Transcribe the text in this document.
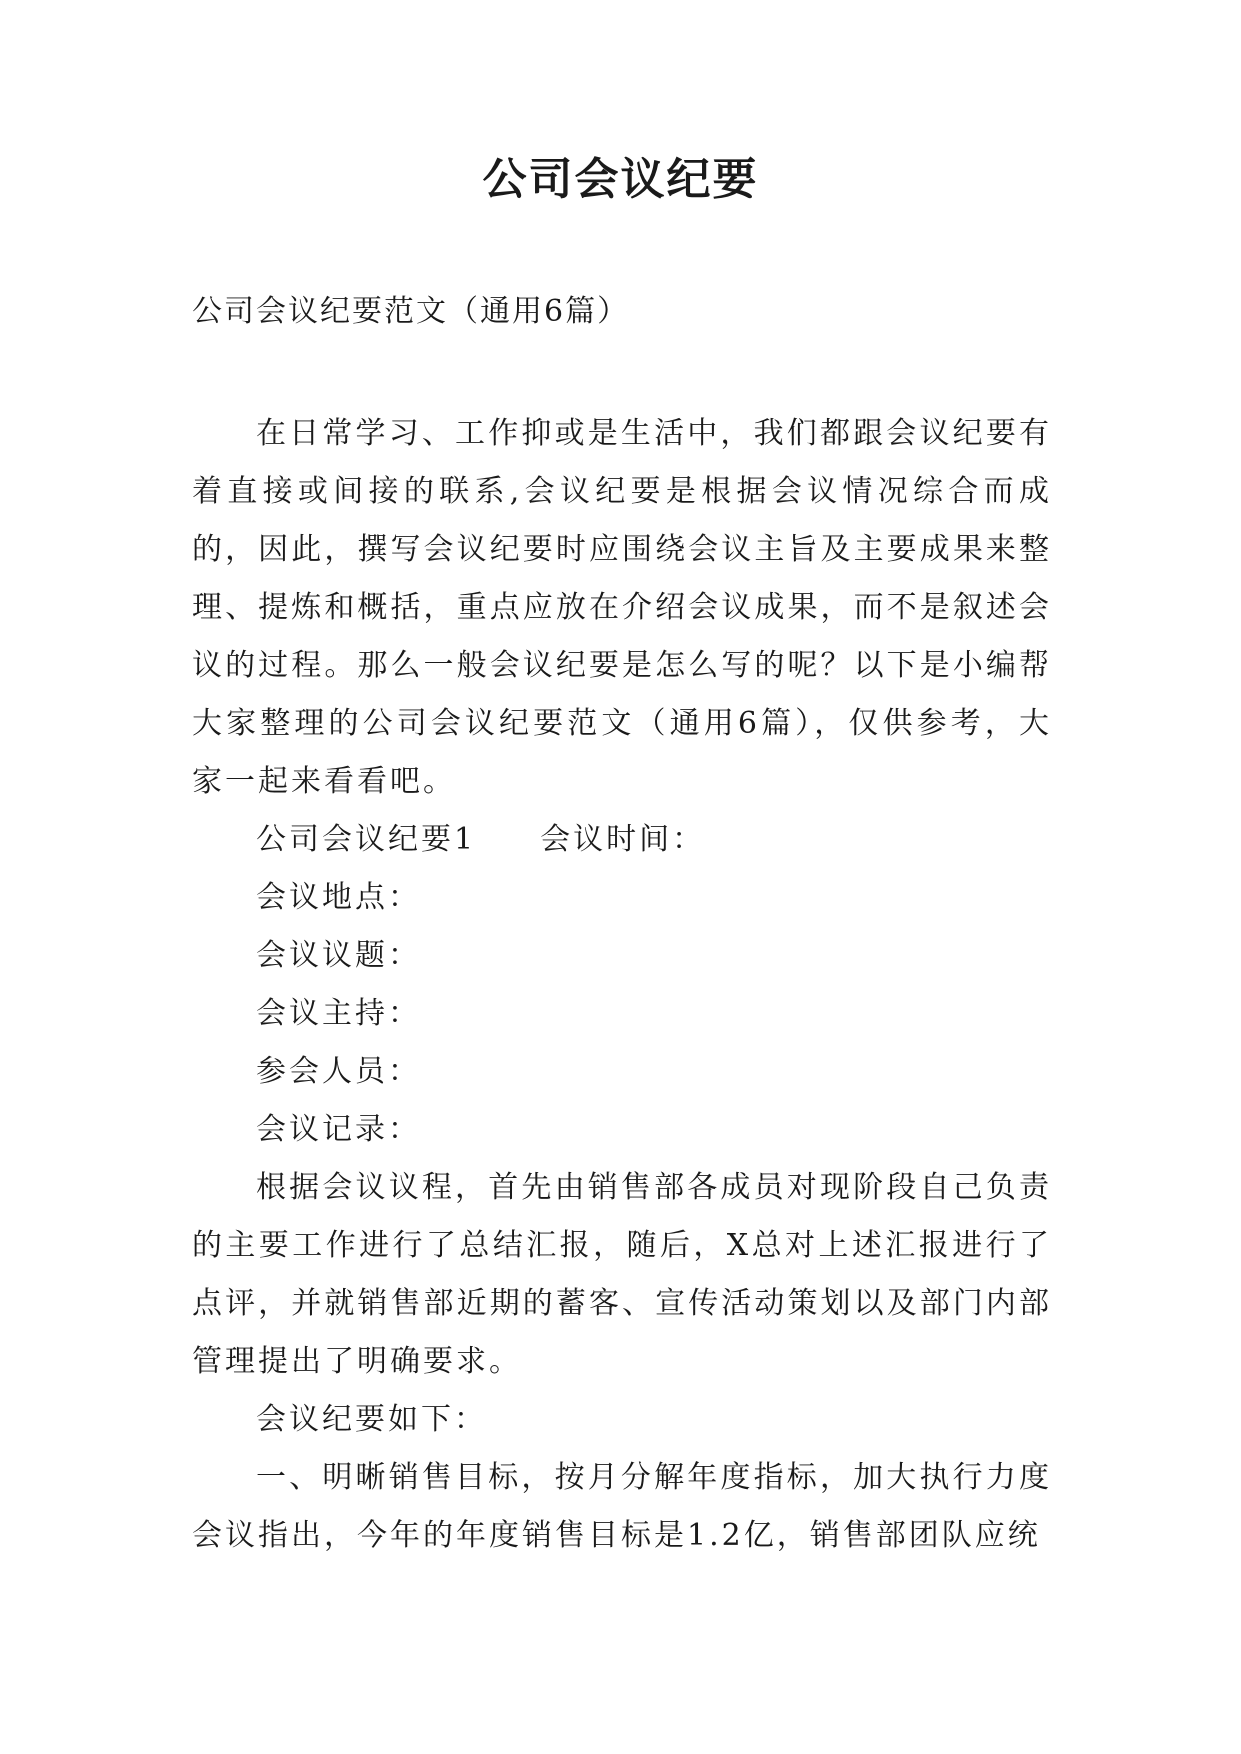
公司会议纪要
公司会议纪要范文（通用6篇）

在日常学习、工作抑或是生活中，我们都跟会议纪要有着直接或间接的联系,会议纪要是根据会议情况综合而成的，因此，撰写会议纪要时应围绕会议主旨及主要成果来整理、提炼和概括，重点应放在介绍会议成果，而不是叙述会议的过程。那么一般会议纪要是怎么写的呢？以下是小编帮大家整理的公司会议纪要范文（通用6篇），仅供参考，大家一起来看看吧。

公司会议纪要1 会议时间：

会议地点：

会议议题：

会议主持：

参会人员：

会议记录：

根据会议议程，首先由销售部各成员对现阶段自己负责的主要工作进行了总结汇报，随后，X总对上述汇报进行了点评，并就销售部近期的蓄客、宣传活动策划以及部门内部管理提出了明确要求。

会议纪要如下：

一、明晰销售目标，按月分解年度指标，加大执行力度会议指出，今年的年度销售目标是1.2亿，销售部团队应统
